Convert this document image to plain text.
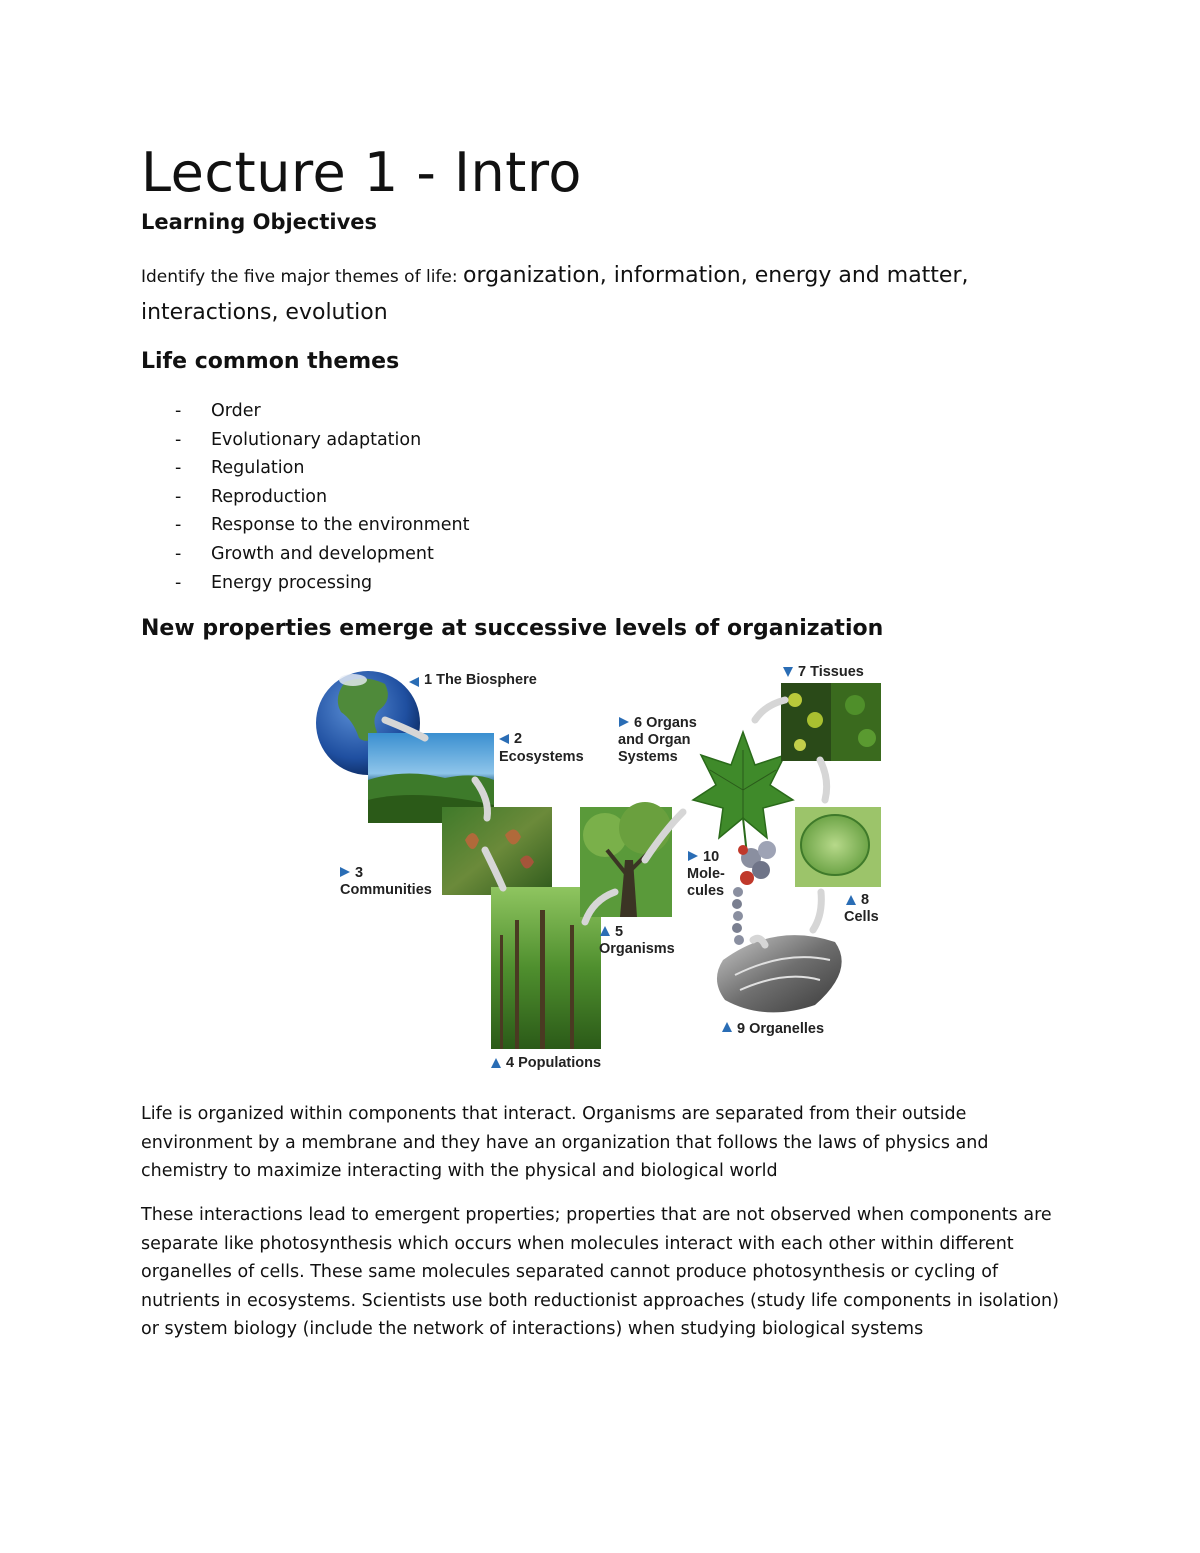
Lecture 1 - Intro
Learning Objectives
Identify the five major themes of life: organization, information, energy and matter, interactions, evolution
Life common themes
- Order
- Evolutionary adaptation
- Regulation
- Reproduction
- Response to the environment
- Growth and development
- Energy processing
New properties emerge at successive levels of organization
1 The Biosphere
2
Ecosystems
3
Communities
4 Populations
5
Organisms
6 Organs
and Organ
Systems
7 Tissues
8
Cells
9 Organelles
10
Mole-
cules

Life is organized within components that interact. Organisms are separated from their outside environment by a membrane and they have an organization that follows the laws of physics and chemistry to maximize interacting with the physical and biological world

These interactions lead to emergent properties; properties that are not observed when components are separate like photosynthesis which occurs when molecules interact with each other within different organelles of cells. These same molecules separated cannot produce photosynthesis or cycling of nutrients in ecosystems. Scientists use both reductionist approaches (study life components in isolation) or system biology (include the network of interactions) when studying biological systems
